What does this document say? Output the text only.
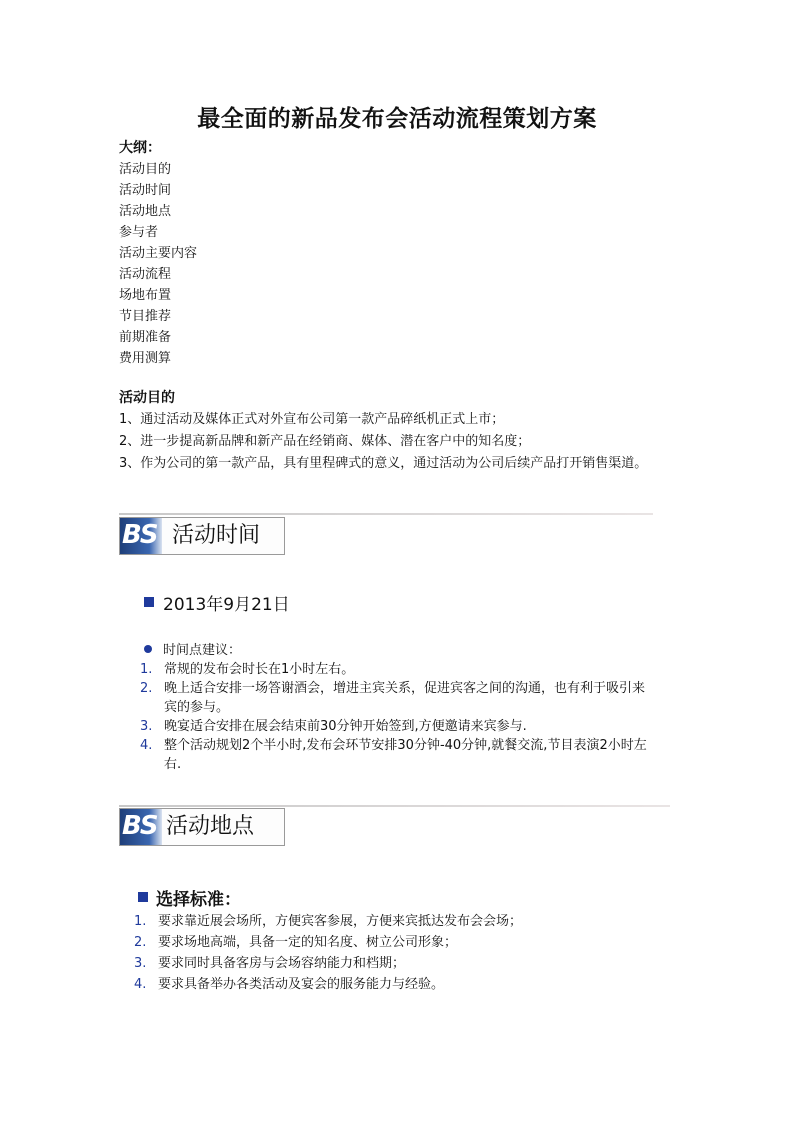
最全面的新品发布会活动流程策划方案
大纲：
活动目的
活动时间
活动地点
参与者
活动主要内容
活动流程
场地布置
节目推荐
前期准备
费用测算
活动目的

1、通过活动及媒体正式对外宣布公司第一款产品碎纸机正式上市；

2、进一步提高新品牌和新产品在经销商、媒体、潜在客户中的知名度；

3、作为公司的第一款产品，具有里程碑式的意义，通过活动为公司后续产品打开销售渠道。

BS 活动时间
2013年9月21日
时间点建议：
1. 常规的发布会时长在1小时左右。
2. 晚上适合安排一场答谢酒会，增进主宾关系，促进宾客之间的沟通，也有利于吸引来宾的参与。
3. 晚宴适合安排在展会结束前30分钟开始签到,方便邀请来宾参与.
4. 整个活动规划2个半小时,发布会环节安排30分钟-40分钟,就餐交流,节目表演2小时左右.
BS 活动地点
选择标准：
1. 要求靠近展会场所，方便宾客参展，方便来宾抵达发布会会场；
2. 要求场地高端，具备一定的知名度、树立公司形象；
3. 要求同时具备客房与会场容纳能力和档期；
4. 要求具备举办各类活动及宴会的服务能力与经验。
